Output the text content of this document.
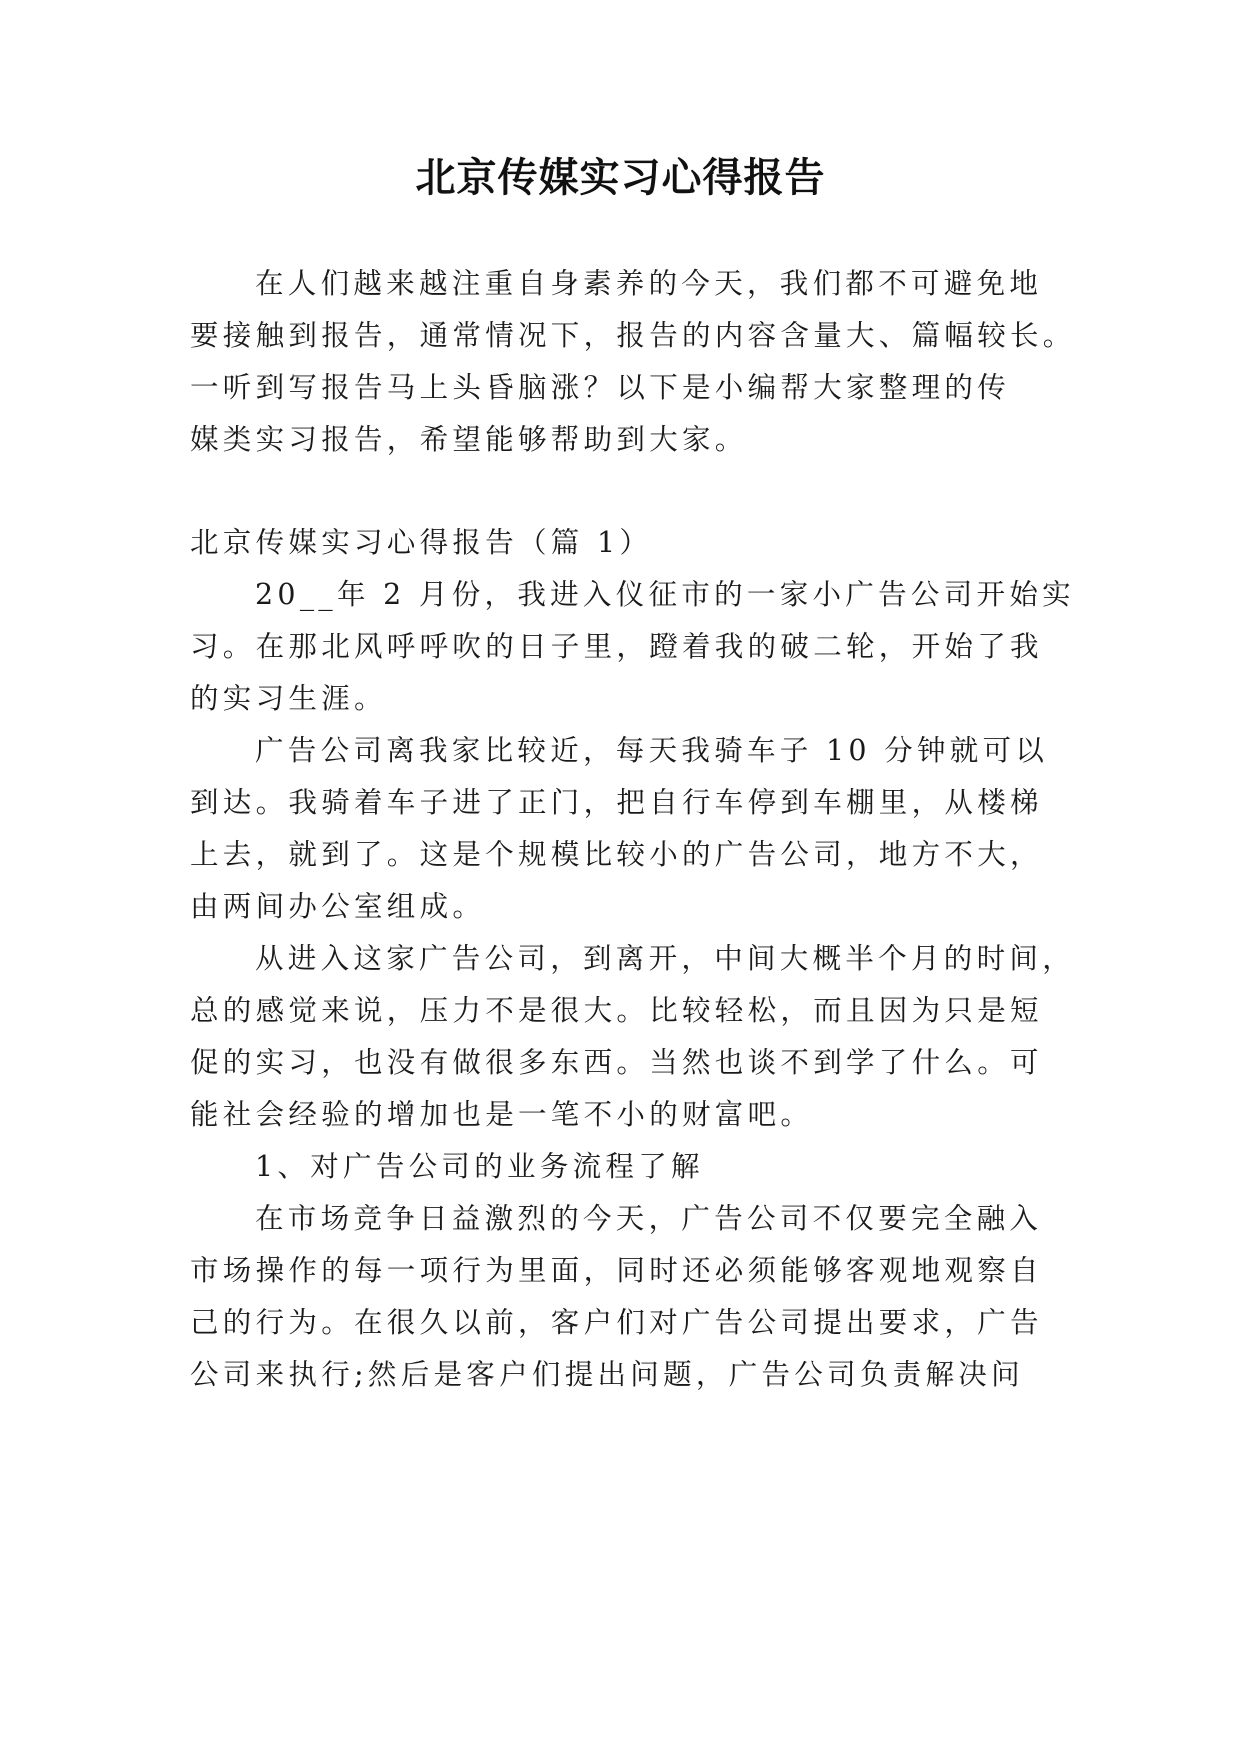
北京传媒实习心得报告
在人们越来越注重自身素养的今天，我们都不可避免地
要接触到报告，通常情况下，报告的内容含量大、篇幅较长。
一听到写报告马上头昏脑涨？以下是小编帮大家整理的传
媒类实习报告，希望能够帮助到大家。
北京传媒实习心得报告（篇 1）
20__年 2 月份，我进入仪征市的一家小广告公司开始实
习。在那北风呼呼吹的日子里，蹬着我的破二轮，开始了我
的实习生涯。
广告公司离我家比较近，每天我骑车子 10 分钟就可以
到达。我骑着车子进了正门，把自行车停到车棚里，从楼梯
上去，就到了。这是个规模比较小的广告公司，地方不大，
由两间办公室组成。
从进入这家广告公司，到离开，中间大概半个月的时间，
总的感觉来说，压力不是很大。比较轻松，而且因为只是短
促的实习，也没有做很多东西。当然也谈不到学了什么。可
能社会经验的增加也是一笔不小的财富吧。
1、对广告公司的业务流程了解
在市场竞争日益激烈的今天，广告公司不仅要完全融入
市场操作的每一项行为里面，同时还必须能够客观地观察自
己的行为。在很久以前，客户们对广告公司提出要求，广告
公司来执行;然后是客户们提出问题，广告公司负责解决问
